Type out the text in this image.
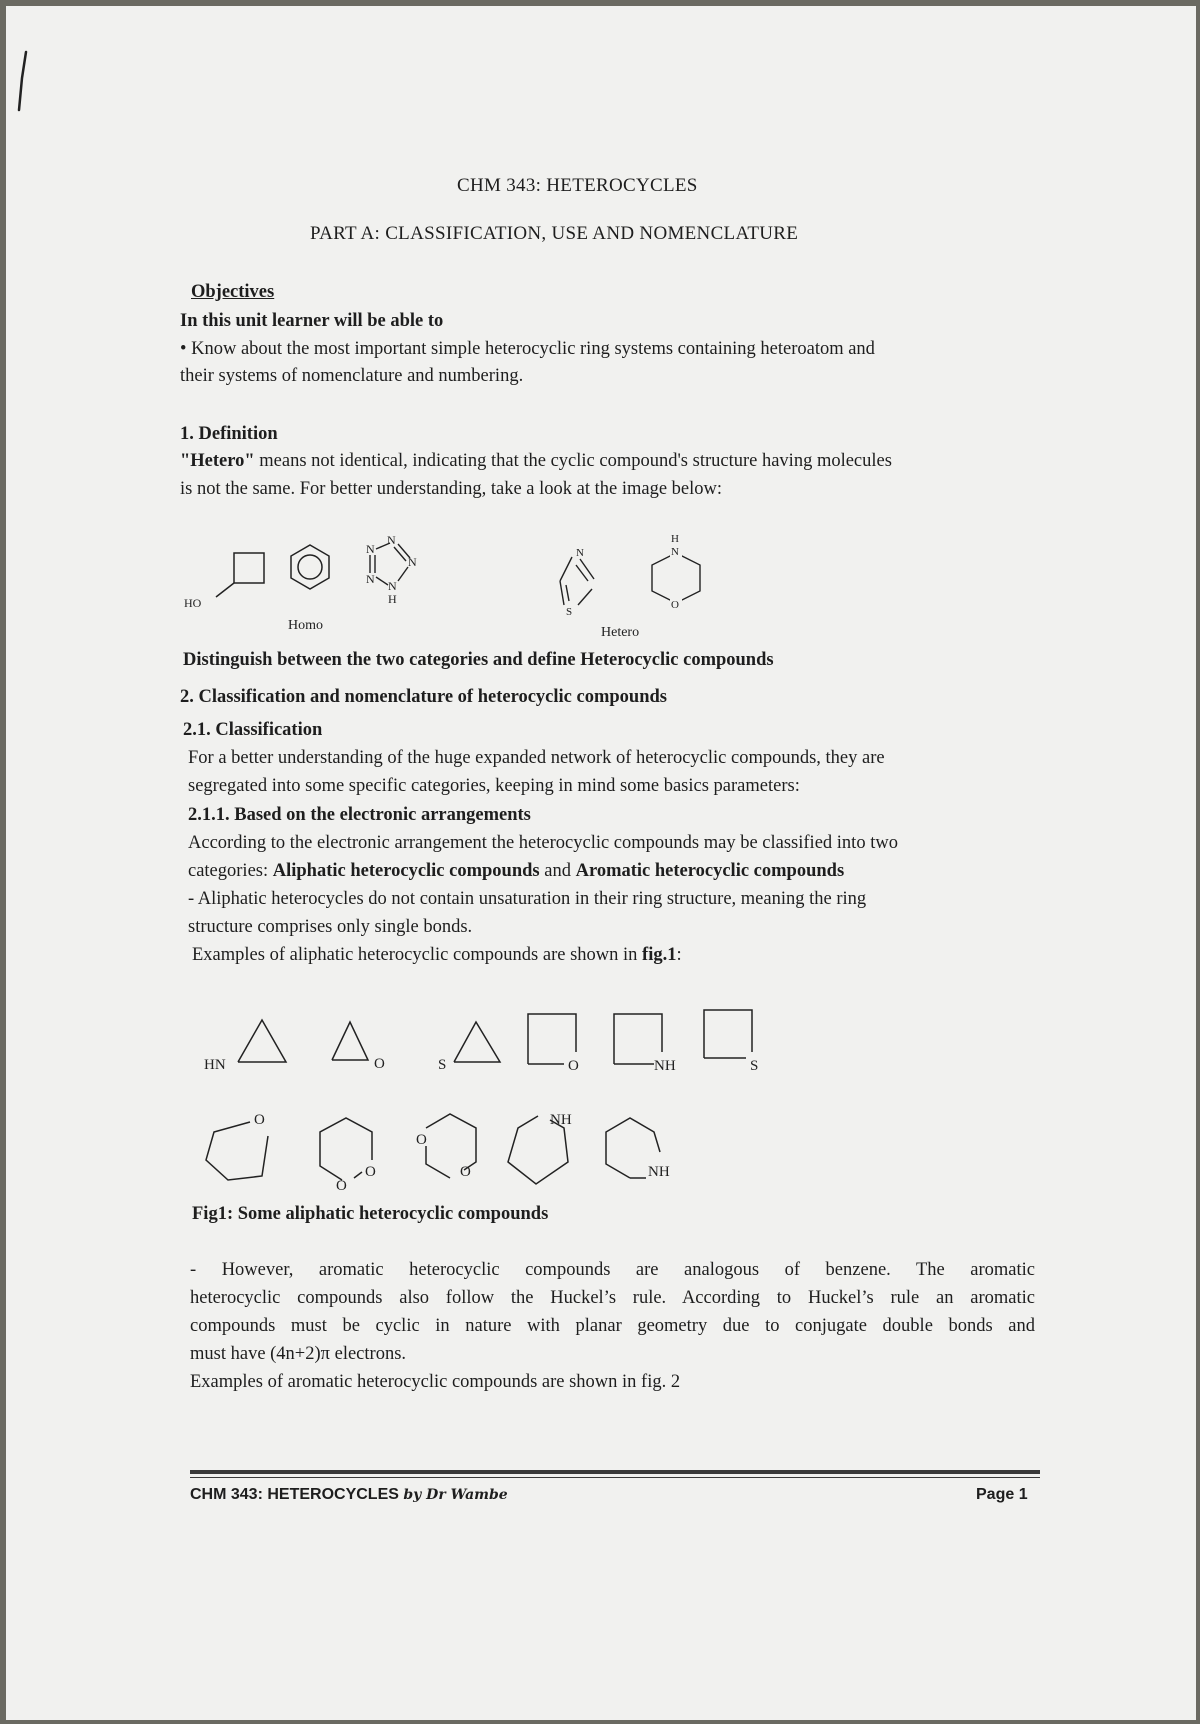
CHM 343: HETEROCYCLES
PART A: CLASSIFICATION, USE AND NOMENCLATURE
Objectives
In this unit learner will be able to
• Know about the most important simple heterocyclic ring systems containing heteroatom and
their systems of nomenclature and numbering.
1. Definition
"Hetero" means not identical, indicating that the cyclic compound's structure having molecules
is not the same. For better understanding, take a look at the image below:
HO
N
N
N
N N
H
Homo
N
S
N
H
O
Hetero
Distinguish between the two categories and define Heterocyclic compounds
2. Classification and nomenclature of heterocyclic compounds
2.1. Classification
For a better understanding of the huge expanded network of heterocyclic compounds, they are
segregated into some specific categories, keeping in mind some basics parameters:
2.1.1. Based on the electronic arrangements
According to the electronic arrangement the heterocyclic compounds may be classified into two
categories: Aliphatic heterocyclic compounds and Aromatic heterocyclic compounds
- Aliphatic heterocycles do not contain unsaturation in their ring structure, meaning the ring
structure comprises only single bonds.
Examples of aliphatic heterocyclic compounds are shown in fig.1:
HN	O	S	O	NH	S
O
O
O
O
O
NH
NH
Fig1: Some aliphatic heterocyclic compounds
- However, aromatic heterocyclic compounds are analogous of benzene. The aromatic
heterocyclic compounds also follow the Huckel’s rule. According to Huckel’s rule an aromatic
compounds must be cyclic in nature with planar geometry due to conjugate double bonds and
must have (4n+2)π electrons.
Examples of aromatic heterocyclic compounds are shown in fig. 2
CHM 343: HETEROCYCLES by Dr Wambe	Page 1
